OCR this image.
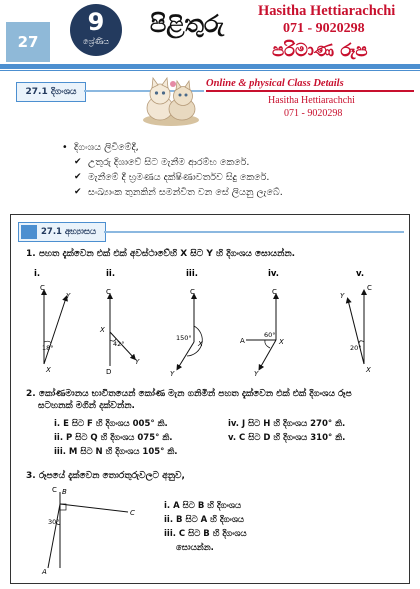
27
9
ශ්‍රේණිය
පිළිතුරු Hasitha Hettiarachchi
071 - 9020298
පරිමාණ රූප
27.1 දිගංශය
Online & physical Class Details
Hasitha Hettiarachchi
071 - 9020298
• දිගංශය ලිවීමේදී,
✔ උතුරු දිශාවේ සිට මැනීම ආරම්භ කෙරේ.
✔ මැනීමේ දී භ්‍රමණය දක්ෂිණාවර්තව සිදු කෙරේ.
✔ සංඛ්‍යාංක තුනකින් සමන්විත වන සේ ලියනු ලැබේ.
27.1 අභ්‍යාසය
1. පහත දැක්වෙන එක් එක් අවස්ථාවේහි X සිට Y හි දිගංශය සොයන්න.
i.	ii.	iii.	iv.	v.
C
Y
X
18°
C
X
Y
D
42°
C
X
Y
150°
C
X
Y
A
60°
C
Y
X
20°
2. කෝණමානය භාවිතයෙන් කෝණ මැන ගනිමින් පහත දැක්වෙන එක් එක් දිගංශය රූප
සටහනක් මගින් දක්වන්න.
i. E සිට F හි දිගංශය 005° කි.
ii. P සිට Q හි දිගංශය 075° කි.
iii. M සිට N හි දිගංශය 105° කි.
iv. J සිට H හි දිගංශය 270° කි.
v. C සිට D හි දිගංශය 310° කි.
3. රූපයේ දැක්වෙන තොරතුරුවලට අනුව,
C B
C
A
30°
i. A සිට B හි දිගංශය
ii. B සිට A හි දිගංශය
iii. C සිට B හි දිගංශය
සොයන්න.
